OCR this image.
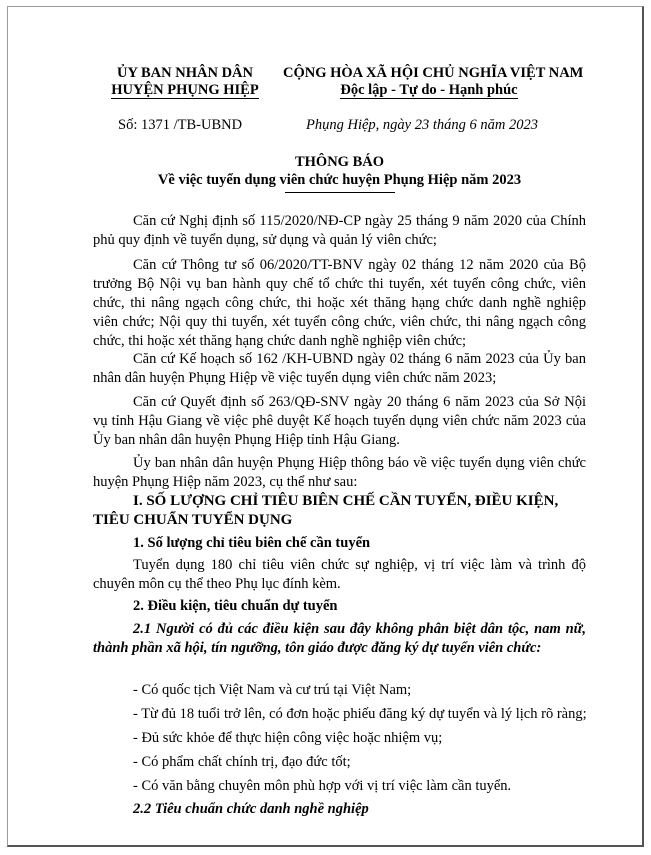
ỦY BAN NHÂN DÂN
HUYỆN PHỤNG HIỆP
CỘNG HÒA XÃ HỘI CHỦ NGHĨA VIỆT NAM
Độc lập - Tự do - Hạnh phúc
Số: 1371 /TB-UBND	Phụng Hiệp, ngày 23 tháng 6 năm 2023
THÔNG BÁO
Về việc tuyển dụng viên chức huyện Phụng Hiệp năm 2023
Căn cứ Nghị định số 115/2020/NĐ-CP ngày 25 tháng 9 năm 2020 của Chính phủ quy định về tuyển dụng, sử dụng và quản lý viên chức;
Căn cứ Thông tư số 06/2020/TT-BNV ngày 02 tháng 12 năm 2020 của Bộ trưởng Bộ Nội vụ ban hành quy chế tổ chức thi tuyển, xét tuyển công chức, viên chức, thi nâng ngạch công chức, thi hoặc xét thăng hạng chức danh nghề nghiệp viên chức; Nội quy thi tuyển, xét tuyển công chức, viên chức, thi nâng ngạch công chức, thi hoặc xét thăng hạng chức danh nghề nghiệp viên chức;
Căn cứ Kế hoạch số 162 /KH-UBND ngày 02 tháng 6 năm 2023 của Ủy ban nhân dân huyện Phụng Hiệp về việc tuyển dụng viên chức năm 2023;
Căn cứ Quyết định số 263/QĐ-SNV ngày 20 tháng 6 năm 2023 của Sở Nội vụ tỉnh Hậu Giang về việc phê duyệt Kế hoạch tuyển dụng viên chức năm 2023 của Ủy ban nhân dân huyện Phụng Hiệp tỉnh Hậu Giang.
Ủy ban nhân dân huyện Phụng Hiệp thông báo về việc tuyển dụng viên chức huyện Phụng Hiệp năm 2023, cụ thể như sau:
I. SỐ LƯỢNG CHỈ TIÊU BIÊN CHẾ CẦN TUYỂN, ĐIỀU KIỆN,
TIÊU CHUẨN TUYỂN DỤNG
1. Số lượng chỉ tiêu biên chế cần tuyển
Tuyển dụng 180 chỉ tiêu viên chức sự nghiệp, vị trí việc làm và trình độ chuyên môn cụ thể theo Phụ lục đính kèm.
2. Điều kiện, tiêu chuẩn dự tuyển
2.1 Người có đủ các điều kiện sau đây không phân biệt dân tộc, nam nữ, thành phần xã hội, tín ngưỡng, tôn giáo được đăng ký dự tuyển viên chức:
- Có quốc tịch Việt Nam và cư trú tại Việt Nam;
- Từ đủ 18 tuổi trở lên, có đơn hoặc phiếu đăng ký dự tuyển và lý lịch rõ ràng;
- Đủ sức khỏe để thực hiện công việc hoặc nhiệm vụ;
- Có phẩm chất chính trị, đạo đức tốt;
- Có văn bằng chuyên môn phù hợp với vị trí việc làm cần tuyển.
2.2 Tiêu chuẩn chức danh nghề nghiệp
